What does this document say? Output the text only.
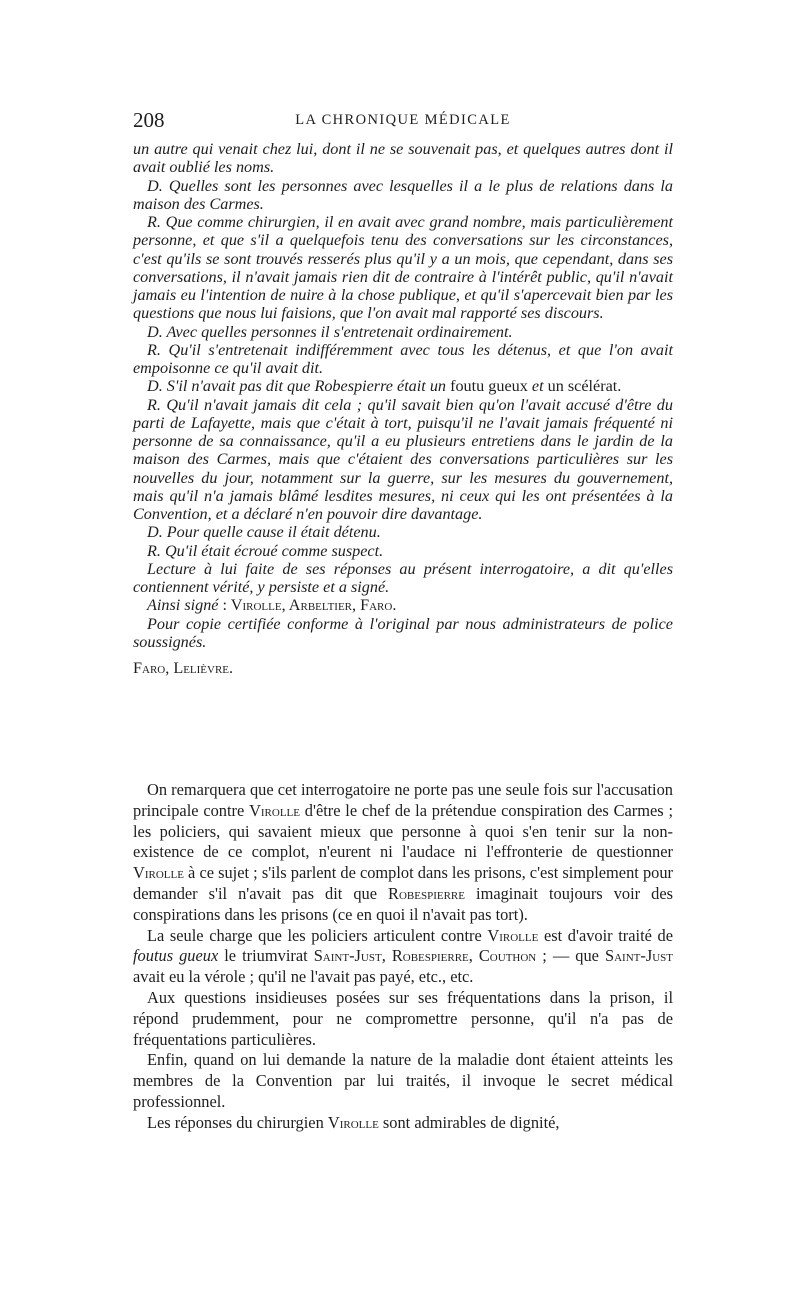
208	LA CHRONIQUE MÉDICALE

un autre qui venait chez lui, dont il ne se souvenait pas, et quelques autres dont il avait oublié les noms.

D. Quelles sont les personnes avec lesquelles il a le plus de relations dans la maison des Carmes.

R. Que comme chirurgien, il en avait avec grand nombre, mais particulièrement personne, et que s'il a quelquefois tenu des conversations sur les circonstances, c'est qu'ils se sont trouvés resserés plus qu'il y a un mois, que cependant, dans ses conversations, il n'avait jamais rien dit de contraire à l'intérêt public, qu'il n'avait jamais eu l'intention de nuire à la chose publique, et qu'il s'apercevait bien par les questions que nous lui faisions, que l'on avait mal rapporté ses discours.

D. Avec quelles personnes il s'entretenait ordinairement.

R. Qu'il s'entretenait indifféremment avec tous les détenus, et que l'on avait empoisonne ce qu'il avait dit.

D. S'il n'avait pas dit que Robespierre était un foutu gueux et un scélérat.

R. Qu'il n'avait jamais dit cela ; qu'il savait bien qu'on l'avait accusé d'être du parti de Lafayette, mais que c'était à tort, puisqu'il ne l'avait jamais fréquenté ni personne de sa connaissance, qu'il a eu plusieurs entretiens dans le jardin de la maison des Carmes, mais que c'étaient des conversations particulières sur les nouvelles du jour, notamment sur la guerre, sur les mesures du gouvernement, mais qu'il n'a jamais blâmé lesdites mesures, ni ceux qui les ont présentées à la Convention, et a déclaré n'en pouvoir dire davantage.

D. Pour quelle cause il était détenu.

R. Qu'il était écroué comme suspect.

Lecture à lui faite de ses réponses au présent interrogatoire, a dit qu'elles contiennent vérité, y persiste et a signé.

Ainsi signé : Virolle, Arbeltier, Faro.

Pour copie certifiée conforme à l'original par nous administrateurs de police soussignés.

Faro, Lelièvre.

On remarquera que cet interrogatoire ne porte pas une seule fois sur l'accusation principale contre Virolle d'être le chef de la prétendue conspiration des Carmes ; les policiers, qui savaient mieux que personne à quoi s'en tenir sur la non-existence de ce complot, n'eurent ni l'audace ni l'effronterie de questionner Virolle à ce sujet ; s'ils parlent de complot dans les prisons, c'est simplement pour demander s'il n'avait pas dit que Robespierre imaginait toujours voir des conspirations dans les prisons (ce en quoi il n'avait pas tort).

La seule charge que les policiers articulent contre Virolle est d'avoir traité de foutus gueux le triumvirat Saint-Just, Robespierre, Couthon ; — que Saint-Just avait eu la vérole ; qu'il ne l'avait pas payé, etc., etc.

Aux questions insidieuses posées sur ses fréquentations dans la prison, il répond prudemment, pour ne compromettre personne, qu'il n'a pas de fréquentations particulières.

Enfin, quand on lui demande la nature de la maladie dont étaient atteints les membres de la Convention par lui traités, il invoque le secret médical professionnel.

Les réponses du chirurgien Virolle sont admirables de dignité,
